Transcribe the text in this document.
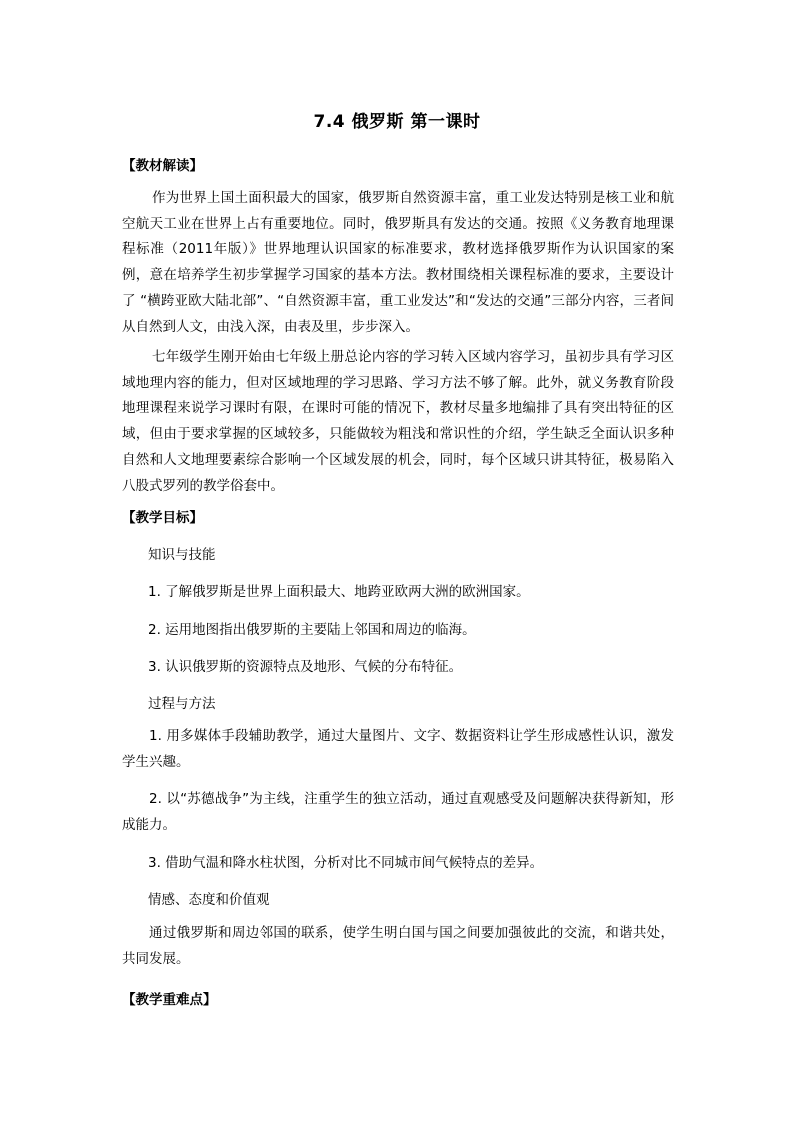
7.4 俄罗斯 第一课时
【教材解读】

作为世界上国土面积最大的国家，俄罗斯自然资源丰富，重工业发达特别是核工业和航空航天工业在世界上占有重要地位。同时，俄罗斯具有发达的交通。按照《义务教育地理课程标准（2011年版）》世界地理认识国家的标准要求，教材选择俄罗斯作为认识国家的案例，意在培养学生初步掌握学习国家的基本方法。教材围绕相关课程标准的要求，主要设计了 “横跨亚欧大陆北部”、“自然资源丰富，重工业发达”和“发达的交通”三部分内容，三者间从自然到人文，由浅入深，由表及里，步步深入。

七年级学生刚开始由七年级上册总论内容的学习转入区域内容学习，虽初步具有学习区域地理内容的能力，但对区域地理的学习思路、学习方法不够了解。此外，就义务教育阶段地理课程来说学习课时有限，在课时可能的情况下，教材尽量多地编排了具有突出特征的区域，但由于要求掌握的区域较多，只能做较为粗浅和常识性的介绍，学生缺乏全面认识多种自然和人文地理要素综合影响一个区域发展的机会，同时，每个区域只讲其特征，极易陷入八股式罗列的教学俗套中。

【教学目标】
知识与技能
1. 了解俄罗斯是世界上面积最大、地跨亚欧两大洲的欧洲国家。
2. 运用地图指出俄罗斯的主要陆上邻国和周边的临海。
3. 认识俄罗斯的资源特点及地形、气候的分布特征。
过程与方法

1. 用多媒体手段辅助教学，通过大量图片、文字、数据资料让学生形成感性认识，激发学生兴趣。

2. 以“苏德战争”为主线，注重学生的独立活动，通过直观感受及问题解决获得新知，形成能力。

3. 借助气温和降水柱状图，分析对比不同城市间气候特点的差异。
情感、态度和价值观

通过俄罗斯和周边邻国的联系，使学生明白国与国之间要加强彼此的交流，和谐共处，共同发展。

【教学重难点】
